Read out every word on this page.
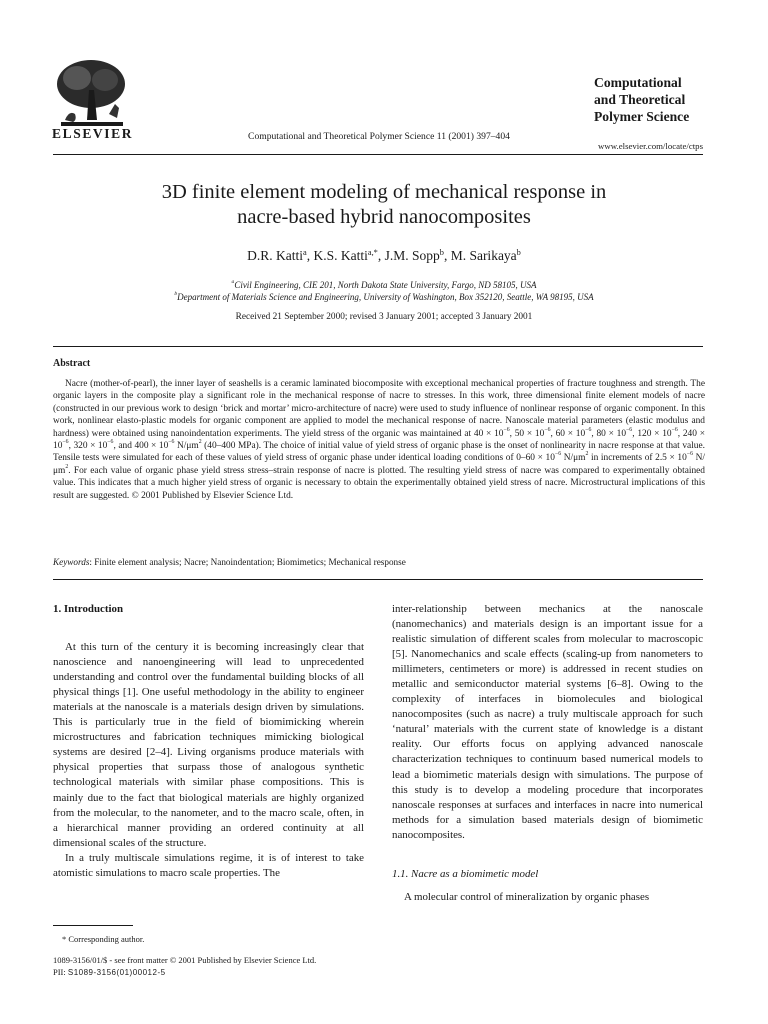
ELSEVIER	Computational and Theoretical Polymer Science 11 (2001) 397–404
Computational
and Theoretical
Polymer Science
www.elsevier.com/locate/ctps
3D finite element modeling of mechanical response in
nacre-based hybrid nanocomposites
D.R. Katti$^a$, K.S. Katti$^{a,*}$, J.M. Sopp$^b$, M. Sarikaya$^b$
$^a$Civil Engineering, CIE 201, North Dakota State University, Fargo, ND 58105, USA
$^b$Department of Materials Science and Engineering, University of Washington, Box 352120, Seattle, WA 98195, USA
Received 21 September 2000; revised 3 January 2001; accepted 3 January 2001
Abstract
Nacre (mother-of-pearl), the inner layer of seashells is a ceramic laminated biocomposite with exceptional mechanical properties of fracture toughness and strength. The organic layers in the composite play a significant role in the mechanical response of nacre to stresses. In this work, three dimensional finite element models of nacre (constructed in our previous work to design ‘brick and mortar’ micro-architecture of nacre) were used to study influence of nonlinear response of organic component. In this work, nonlinear elasto-plastic models for organic component are applied to model the mechanical response of nacre. Nanoscale material parameters (elastic modulus and hardness) were obtained using nanoindentation experiments. The yield stress of the organic was maintained at $40 \times 10^{-6}$, $50 \times 10^{-6}$, $60 \times 10^{-6}$, $80 \times 10^{-6}$, $120 \times 10^{-6}$, $240 \times 10^{-6}$, $320 \times 10^{-6}$, and $400 \times 10^{-6}$ $N/\mu m^2$ (40–400 MPa). The choice of initial value of yield stress of organic phase is the onset of nonlinearity in nacre response at that value. Tensile tests were simulated for each of these values of yield stress of organic phase under identical loading conditions of $0-60 \times 10^{-6}$ $N/\mu m^2$ in increments of $2.5 \times 10^{-6}$ $N/\mu m^2$. For each value of organic phase yield stress stress–strain response of nacre is plotted. The resulting yield stress of nacre was compared to experimentally obtained value. This indicates that a much higher yield stress of organic is necessary to obtain the experimentally obtained yield stress of nacre. Microstructural implications of this result are suggested. © 2001 Published by Elsevier Science Ltd.
Keywords: Finite element analysis; Nacre; Nanoindentation; Biomimetics; Mechanical response
1. Introduction

At this turn of the century it is becoming increasingly clear that nanoscience and nanoengineering will lead to unprecedented understanding and control over the fundamental building blocks of all physical things [1]. One useful methodology in the ability to engineer materials at the nanoscale is a materials design driven by simulations. This is particularly true in the field of biomimicking wherein microstructures and fabrication techniques mimicking biological systems are desired [2–4]. Living organisms produce materials with physical properties that surpass those of analogous synthetic technological materials with similar phase compositions. This is mainly due to the fact that biological materials are highly organized from the molecular, to the nanometer, and to the macro scale, often, in a hierarchical manner providing an ordered continuity at all dimensional scales of the structure.

In a truly multiscale simulations regime, it is of interest to take atomistic simulations to macro scale properties. The

inter-relationship between mechanics at the nanoscale (nanomechanics) and materials design is an important issue for a realistic simulation of different scales from molecular to macroscopic [5]. Nanomechanics and scale effects (scaling-up from nanometers to millimeters, centimeters or more) is addressed in recent studies on metallic and semiconductor material systems [6–8]. Owing to the complexity of interfaces in biomolecules and biological nanocomposites (such as nacre) a truly multiscale approach for such ‘natural’ materials with the current state of knowledge is a distant reality. Our efforts focus on applying advanced nanoscale characterization techniques to continuum based numerical models to lead a biomimetic materials design with simulations. The purpose of this study is to develop a modeling procedure that incorporates nanoscale responses at surfaces and interfaces in nacre into numerical methods for a simulation based materials design of biomimetic nanocomposites.

1.1. Nacre as a biomimetic model

A molecular control of mineralization by organic phases

* Corresponding author.
1089-3156/01/$ - see front matter © 2001 Published by Elsevier Science Ltd.
PII: S1089-3156(01)00012-5
